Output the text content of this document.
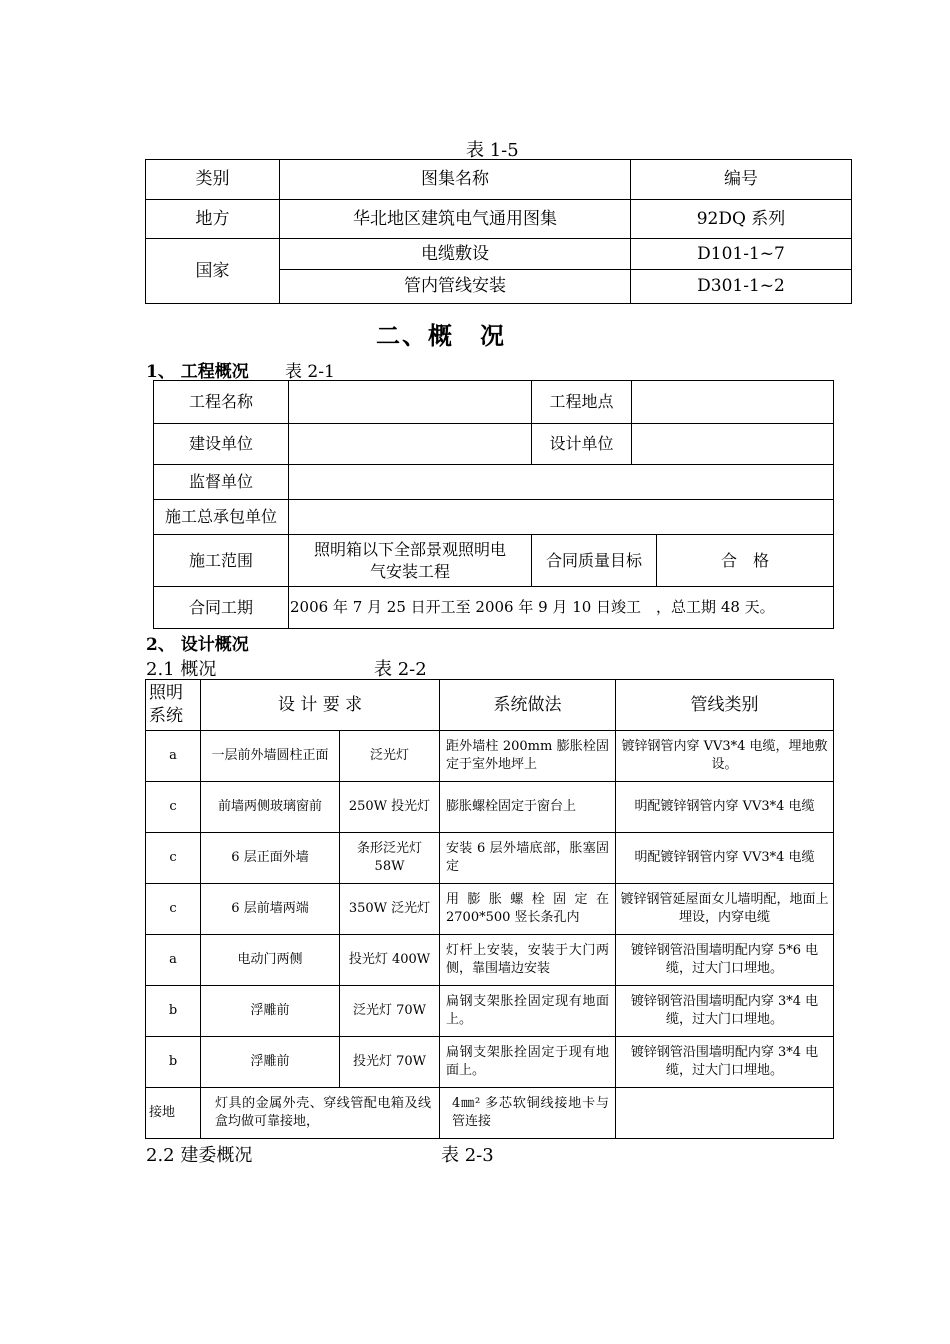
表 1-5
类别	图集名称	编号
地方	华北地区建筑电气通用图集	92DQ 系列
国家	电缆敷设	D101-1~7
	管内管线安装	D301-1~2
二、概　况
1、 工程概况 表 2-1
工程名称		工程地点		
建设单位		设计单位		
监督单位				
施工总承包单位				
施工范围	照明箱以下全部景观照明电气安装工程	合同质量目标		合　格
合同工期	2006 年 7 月 25 日开工至 2006 年 9 月 10 日竣工　，总工期 48 天。			
2、 设计概况
2.1 概况	表 2-2
照明系统	设 计 要 求		系统做法	管线类别
a	一层前外墙圆柱正面	泛光灯	距外墙柱 200mm 膨胀栓固定于室外地坪上	镀锌钢管内穿 VV3*4 电缆，埋地敷设。
c	前墙两侧玻璃窗前	250W 投光灯	膨胀螺栓固定于窗台上	明配镀锌钢管内穿 VV3*4 电缆
c	6 层正面外墙	条形泛光灯 58W	安装 6 层外墙底部，胀塞固定	明配镀锌钢管内穿 VV3*4 电缆
c	6 层前墙两端	350W 泛光灯	用膨胀螺栓固定在 2700*500 竖长条孔内	镀锌钢管延屋面女儿墙明配，地面上埋设，内穿电缆
a	电动门两侧	投光灯 400W	灯杆上安装，安装于大门两侧，靠围墙边安装	镀锌钢管沿围墙明配内穿 5*6 电缆，过大门口埋地。
b	浮雕前	泛光灯 70W	扁钢支架胀拴固定现有地面上。	镀锌钢管沿围墙明配内穿 3*4 电缆，过大门口埋地。
b	浮雕前	投光灯 70W	扁钢支架胀拴固定于现有地面上。	镀锌钢管沿围墙明配内穿 3*4 电缆，过大门口埋地。
接地	灯具的金属外壳、穿线管配电箱及线盒均做可靠接地，		4㎜² 多芯软铜线接地卡与管连接	
2.2 建委概况	表 2-3
